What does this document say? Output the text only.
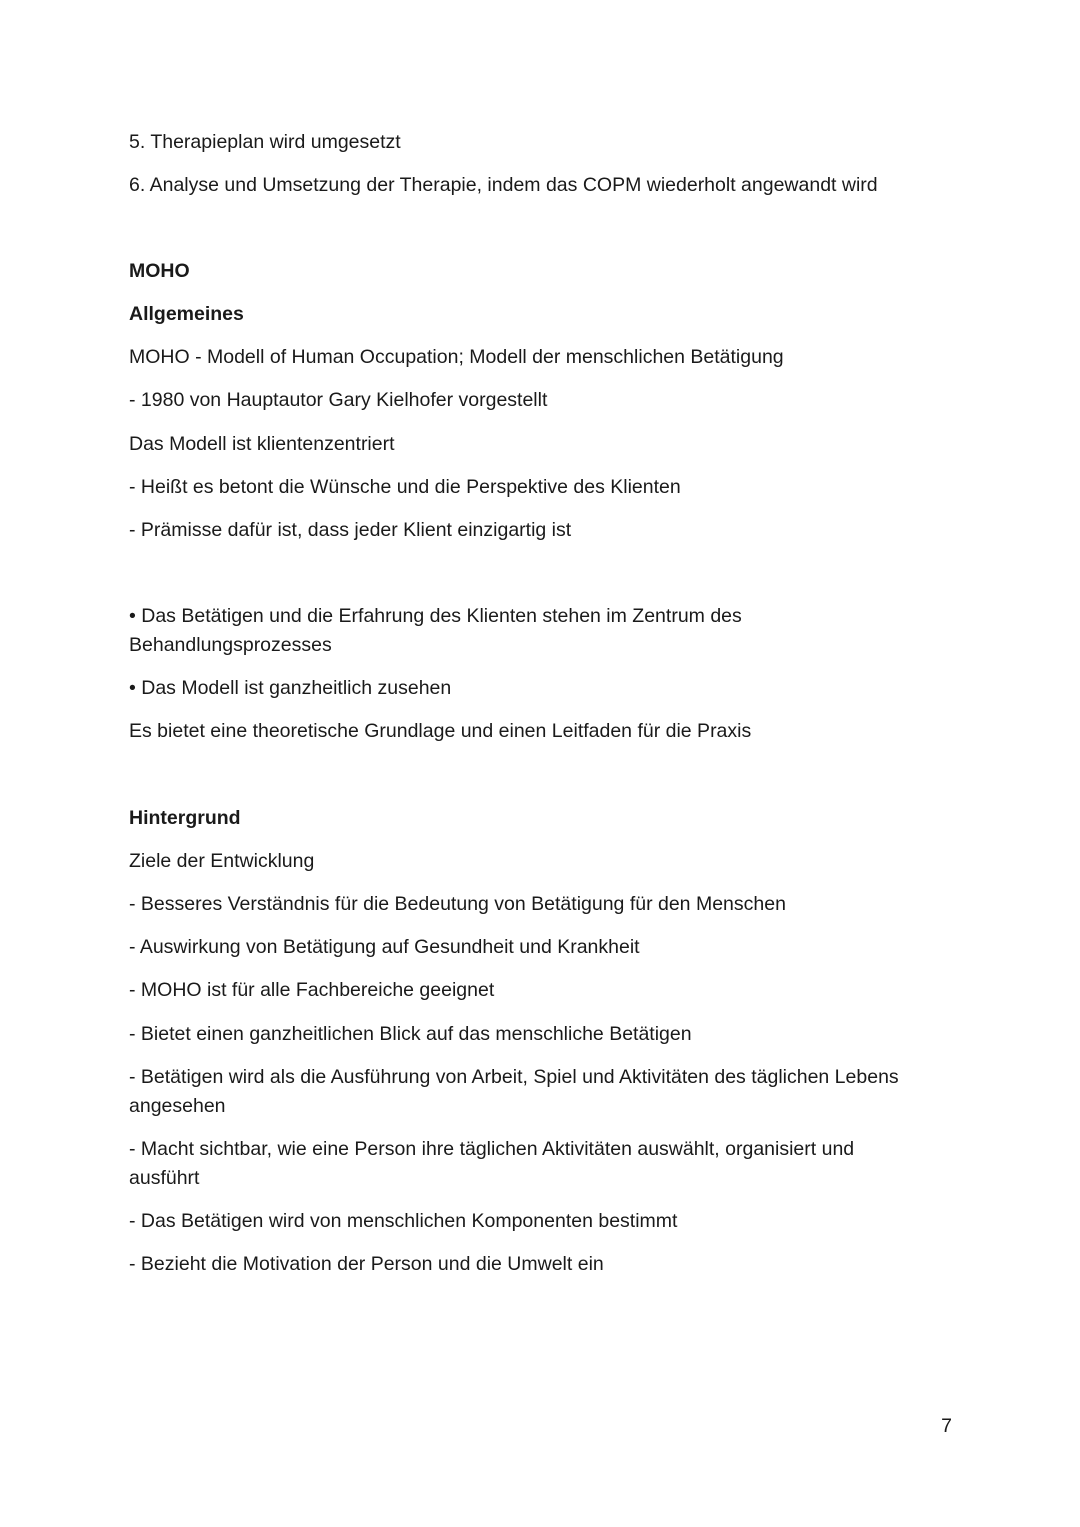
5. Therapieplan wird umgesetzt
6. Analyse und Umsetzung der Therapie, indem das COPM wiederholt angewandt wird
MOHO
Allgemeines
MOHO - Modell of Human Occupation; Modell der menschlichen Betätigung
- 1980 von Hauptautor Gary Kielhofer vorgestellt
Das Modell ist klientenzentriert
- Heißt es betont die Wünsche und die Perspektive des Klienten
- Prämisse dafür ist, dass jeder Klient einzigartig ist
• Das Betätigen und die Erfahrung des Klienten stehen im Zentrum des Behandlungsprozesses
• Das Modell ist ganzheitlich zusehen
Es bietet eine theoretische Grundlage und einen Leitfaden für die Praxis
Hintergrund
Ziele der Entwicklung
- Besseres Verständnis für die Bedeutung von Betätigung für den Menschen
- Auswirkung von Betätigung auf Gesundheit und Krankheit
- MOHO ist für alle Fachbereiche geeignet
- Bietet einen ganzheitlichen Blick auf das menschliche Betätigen
- Betätigen wird als die Ausführung von Arbeit, Spiel und Aktivitäten des täglichen Lebens angesehen
- Macht sichtbar, wie eine Person ihre täglichen Aktivitäten auswählt, organisiert und ausführt
- Das Betätigen wird von menschlichen Komponenten bestimmt
- Bezieht die Motivation der Person und die Umwelt ein
7
